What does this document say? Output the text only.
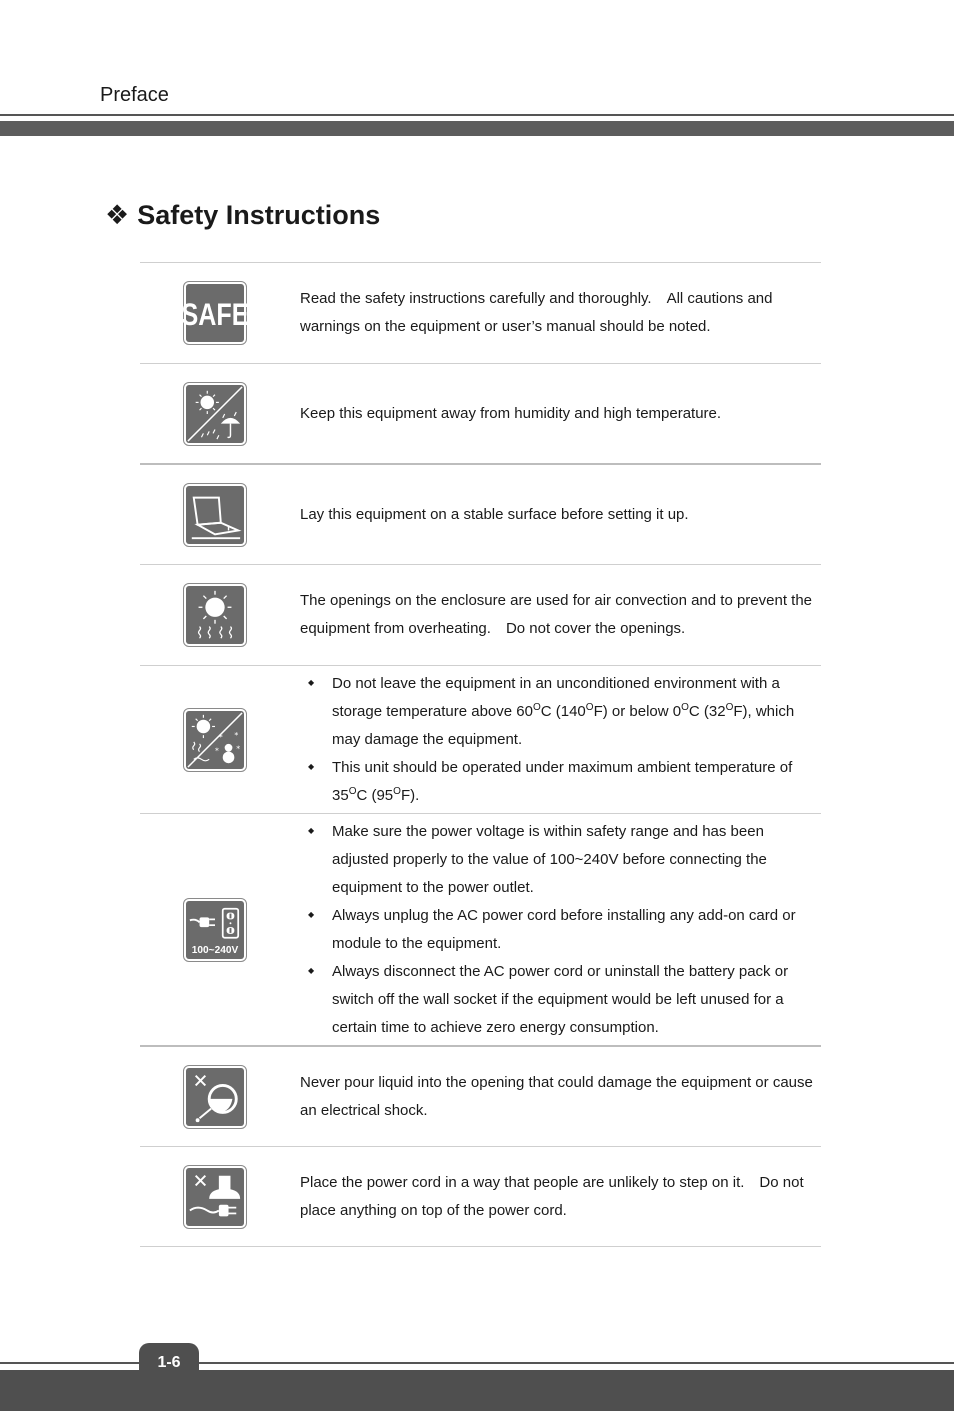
Preface
❖ Safety Instructions
SAFE	Read the safety instructions carefully and thoroughly.　All cautions and warnings on the equipment or user’s manual should be noted.
Keep this equipment away from humidity and high temperature.
Lay this equipment on a stable surface before setting it up.
The openings on the enclosure are used for air convection and to prevent the equipment from overheating.　Do not cover the openings.
* *
*
*
◆ Do not leave the equipment in an unconditioned environment with a storage temperature above $60^OC$ $(140^OF)$ or below $0^OC$ $(32^OF)$, which may damage the equipment.
◆ This unit should be operated under maximum ambient temperature of $35^OC$ $(95^OF)$.
100~240V
◆ Make sure the power voltage is within safety range and has been adjusted properly to the value of 100~240V before connecting the equipment to the power outlet.
◆ Always unplug the AC power cord before installing any add-on card or module to the equipment.
◆ Always disconnect the AC power cord or uninstall the battery pack or switch off the wall socket if the equipment would be left unused for a certain time to achieve zero energy consumption.
Never pour liquid into the opening that could damage the equipment or cause an electrical shock.
Place the power cord in a way that people are unlikely to step on it.　Do not place anything on top of the power cord.
1-6
